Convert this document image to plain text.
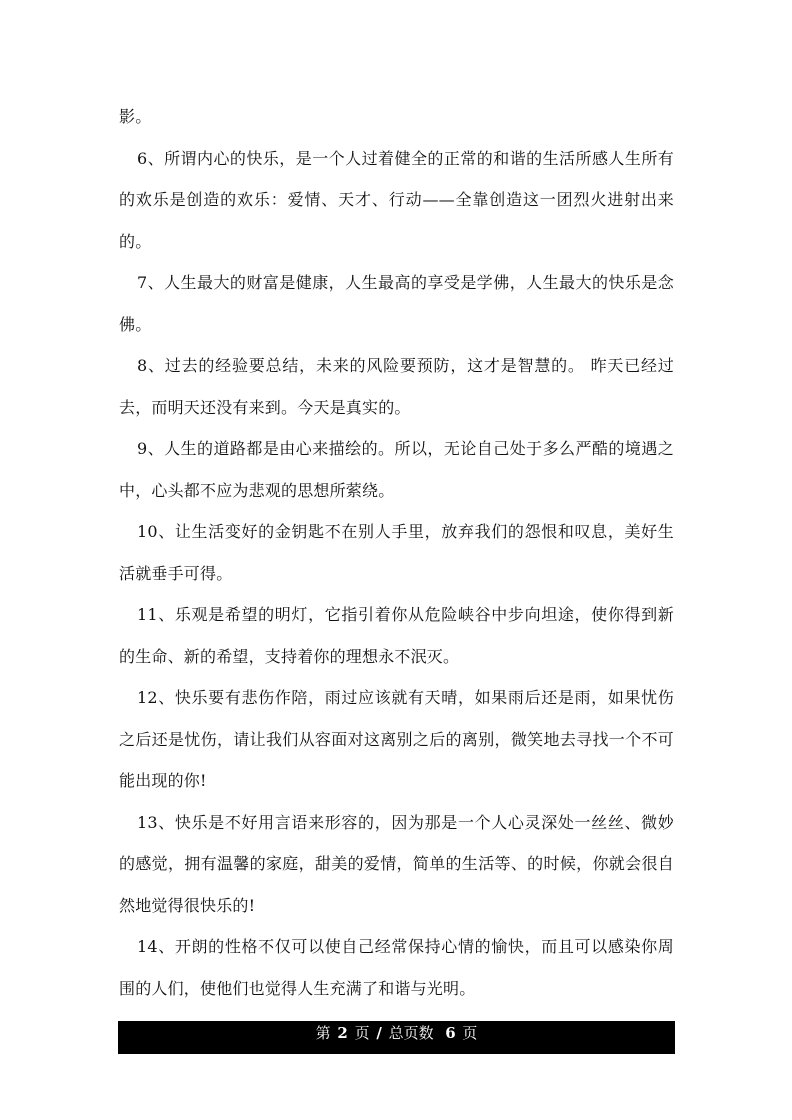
影。

6、所谓内心的快乐，是一个人过着健全的正常的和谐的生活所感人生所有的欢乐是创造的欢乐：爱情、天才、行动——全靠创造这一团烈火进射出来的。

7、人生最大的财富是健康，人生最高的享受是学佛，人生最大的快乐是念佛。

8、过去的经验要总结，未来的风险要预防，这才是智慧的。 昨天已经过去，而明天还没有来到。今天是真实的。

9、人生的道路都是由心来描绘的。所以，无论自己处于多么严酷的境遇之中，心头都不应为悲观的思想所萦绕。

10、让生活变好的金钥匙不在别人手里，放弃我们的怨恨和叹息，美好生活就垂手可得。

11、乐观是希望的明灯，它指引着你从危险峡谷中步向坦途，使你得到新的生命、新的希望，支持着你的理想永不泯灭。

12、快乐要有悲伤作陪，雨过应该就有天晴，如果雨后还是雨，如果忧伤之后还是忧伤，请让我们从容面对这离别之后的离别，微笑地去寻找一个不可能出现的你!

13、快乐是不好用言语来形容的，因为那是一个人心灵深处一丝丝、微妙的感觉，拥有温馨的家庭，甜美的爱情，简单的生活等、的时候，你就会很自然地觉得很快乐的!

14、开朗的性格不仅可以使自己经常保持心情的愉快，而且可以感染你周围的人们，使他们也觉得人生充满了和谐与光明。

第 2 页 / 总页数 6 页
